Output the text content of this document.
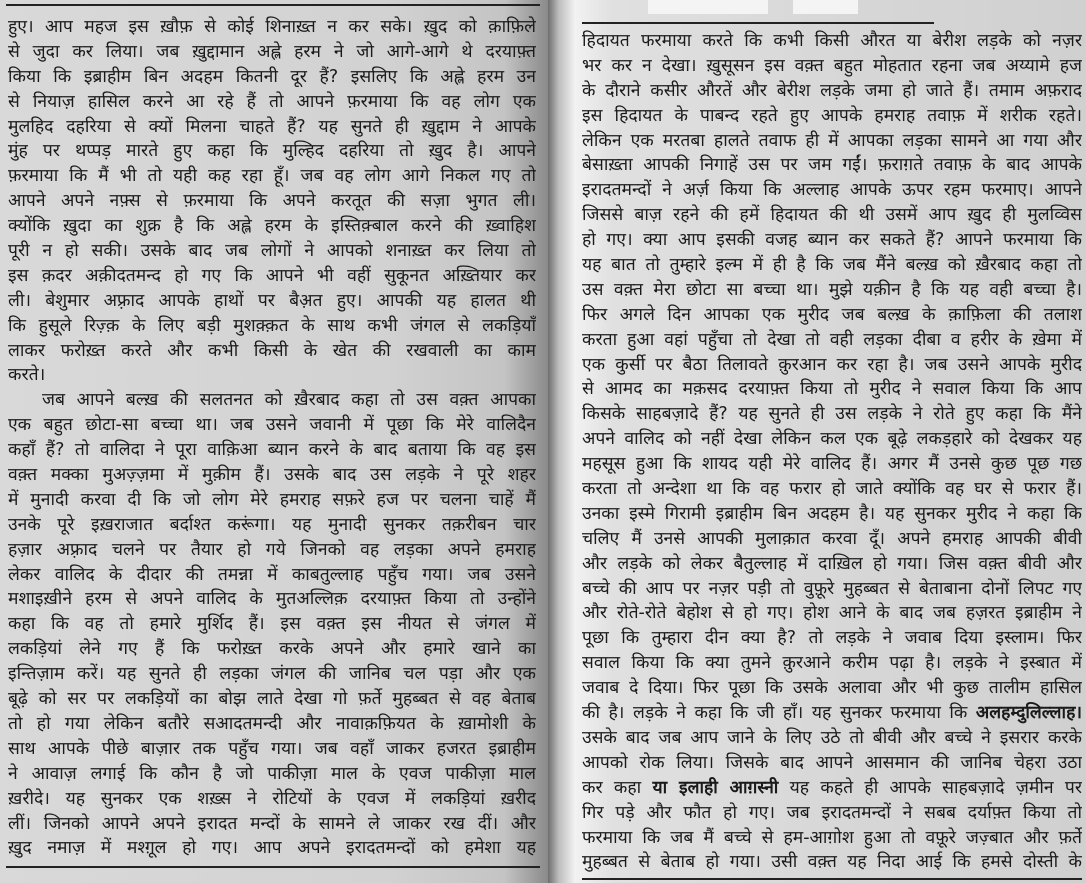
हुए। आप महज इस ख़ौफ़ से कोई शिनाख़्त न कर सके। ख़ुद को क़ाफ़िले
से जुदा कर लिया। जब ख़ुद्दामान अह्ले हरम ने जो आगे-आगे थे दरयाफ़्त
किया कि इब्राहीम बिन अदहम कितनी दूर हैं? इसलिए कि अह्ले हरम उन
से नियाज़ हासिल करने आ रहे हैं तो आपने फ़रमाया कि वह लोग एक
मुलहिद दहरिया से क्यों मिलना चाहते हैं? यह सुनते ही ख़ुद्दाम ने आपके
मुंह पर थप्पड़ मारते हुए कहा कि मुल्हिद दहरिया तो ख़ुद है। आपने
फ़रमाया कि मैं भी तो यही कह रहा हूँ। जब वह लोग आगे निकल गए तो
आपने अपने नफ़्स से फ़रमाया कि अपने करतूत की सज़ा भुगत ली।
क्योंकि ख़ुदा का शुक्र है कि अह्ले हरम के इस्तिक़्बाल करने की ख़्वाहिश
पूरी न हो सकी। उसके बाद जब लोगों ने आपको शनाख़्त कर लिया तो
इस क़दर अक़ीदतमन्द हो गए कि आपने भी वहीं सुकूनत अख़्तियार कर
ली। बेशुमार अफ़्राद आपके हाथों पर बैअ़त हुए। आपकी यह हालत थी
कि हुसूले रिज़्क़ के लिए बड़ी मुशक़्क़त के साथ कभी जंगल से लकड़ियाँ
लाकर फरोख़्त करते और कभी किसी के खेत की रखवाली का काम
करते।
जब आपने बल्ख़ की सलतनत को ख़ैरबाद कहा तो उस वक़्त आपका
एक बहुत छोटा-सा बच्चा था। जब उसने जवानी में पूछा कि मेरे वालिदैन
कहाँ हैं? तो वालिदा ने पूरा वाक़िआ ब्यान करने के बाद बताया कि वह इस
वक़्त मक्का मुअज़्ज़मा में मुक़ीम हैं। उसके बाद उस लड़के ने पूरे शहर
में मुनादी करवा दी कि जो लोग मेरे हमराह सफ़रे हज पर चलना चाहें मैं
उनके पूरे इख़राजात बर्दाश्त करूंगा। यह मुनादी सुनकर तक़रीबन चार
हज़ार अफ़्राद चलने पर तैयार हो गये जिनको वह लड़का अपने हमराह
लेकर वालिद के दीदार की तमन्ना में काबतुल्लाह पहुँच गया। जब उसने
मशाइख़ीने हरम से अपने वालिद के मुतअल्लिक़ दरयाफ़्त किया तो उन्होंने
कहा कि वह तो हमारे मुर्शिद हैं। इस वक़्त इस नीयत से जंगल में
लकड़ियां लेने गए हैं कि फरोख़्त करके अपने और हमारे खाने का
इन्तिज़ाम करें। यह सुनते ही लड़का जंगल की जानिब चल पड़ा और एक
बूढ़े को सर पर लकड़ियों का बोझ लाते देखा गो फ़र्ते मुहब्बत से वह बेताब
तो हो गया लेकिन बतौरे सआदतमन्दी और नावाक़फ़ियत के ख़ामोशी के
साथ आपके पीछे बाज़ार तक पहुँच गया। जब वहाँ जाकर हजरत इब्राहीम
ने आवाज़ लगाई कि कौन है जो पाकीज़ा माल के एवज पाकीज़ा माल
ख़रीदे। यह सुनकर एक शख़्स ने रोटियों के एवज में लकड़ियां ख़रीद
लीं। जिनको आपने अपने इरादत मन्दों के सामने ले जाकर रख दीं। और
ख़ुद नमाज़ में मश्ग़ूल हो गए। आप अपने इरादतमन्दों को हमेशा यह
हिदायत फरमाया करते कि कभी किसी औरत या बेरीश लड़के को नज़र
भर कर न देखा। ख़ुसूसन इस वक़्त बहुत मोहतात रहना जब अय्यामे हज
के दौराने कसीर औरतें और बेरीश लड़के जमा हो जाते हैं। तमाम अफ़राद
इस हिदायत के पाबन्द रहते हुए आपके हमराह तवाफ़ में शरीक रहते।
लेकिन एक मरतबा हालते तवाफ ही में आपका लड़का सामने आ गया और
बेसाख़्ता आपकी निगाहें उस पर जम गईं। फ़राग़ते तवाफ़ के बाद आपके
इरादतमन्दों ने अर्ज़ किया कि अल्लाह आपके ऊपर रहम फरमाए। आपने
जिससे बाज़ रहने की हमें हिदायत की थी उसमें आप ख़ुद ही मुलव्विस
हो गए। क्या आप इसकी वजह ब्यान कर सकते हैं? आपने फरमाया कि
यह बात तो तुम्हारे इल्म में ही है कि जब मैंने बल्ख़ को ख़ैरबाद कहा तो
उस वक़्त मेरा छोटा सा बच्चा था। मुझे यक़ीन है कि यह वही बच्चा है।
फिर अगले दिन आपका एक मुरीद जब बल्ख़ के क़ाफ़िला की तलाश
करता हुआ वहां पहुँचा तो देखा तो वही लड़का दीबा व हरीर के ख़ेमा में
एक कुर्सी पर बैठा तिलावते क़ुरआन कर रहा है। जब उसने आपके मुरीद
से आमद का मक़सद दरयाफ़्त किया तो मुरीद ने सवाल किया कि आप
किसके साहबज़ादे हैं? यह सुनते ही उस लड़के ने रोते हुए कहा कि मैंने
अपने वालिद को नहीं देखा लेकिन कल एक बूढ़े लकड़हारे को देखकर यह
महसूस हुआ कि शायद यही मेरे वालिद हैं। अगर मैं उनसे कुछ पूछ गछ
करता तो अन्देशा था कि वह फरार हो जाते क्योंकि वह घर से फरार हैं।
उनका इस्मे गिरामी इब्राहीम बिन अदहम है। यह सुनकर मुरीद ने कहा कि
चलिए मैं उनसे आपकी मुलाक़ात करवा दूँ। अपने हमराह आपकी बीवी
और लड़के को लेकर बैतुल्लाह में दाख़िल हो गया। जिस वक़्त बीवी और
बच्चे की आप पर नज़र पड़ी तो वुफ़ूरे मुहब्बत से बेताबाना दोनों लिपट गए
और रोते-रोते बेहोश से हो गए। होश आने के बाद जब हज़रत इब्राहीम ने
पूछा कि तुम्हारा दीन क्या है? तो लड़के ने जवाब दिया इस्लाम। फिर
सवाल किया कि क्या तुमने क़ुरआने करीम पढ़ा है। लड़के ने इस्बात में
जवाब दे दिया। फिर पूछा कि उसके अलावा और भी कुछ तालीम हासिल
की है। लड़के ने कहा कि जी हाँ। यह सुनकर फरमाया कि अलहम्दुलिल्लाह।
उसके बाद जब आप जाने के लिए उठे तो बीवी और बच्चे ने इसरार करके
आपको रोक लिया। जिसके बाद आपने आसमान की जानिब चेहरा उठा
कर कहा या इलाही आग़स्नी यह कहते ही आपके साहबज़ादे ज़मीन पर
गिर पड़े और फौत हो गए। जब इरादतमन्दों ने सबब दर्याफ़्त किया तो
फरमाया कि जब मैं बच्चे से हम-आग़ोश हुआ तो वफ़ूरे जज़्बात और फ़र्ते
मुहब्बत से बेताब हो गया। उसी वक़्त यह निदा आई कि हमसे दोस्ती के
